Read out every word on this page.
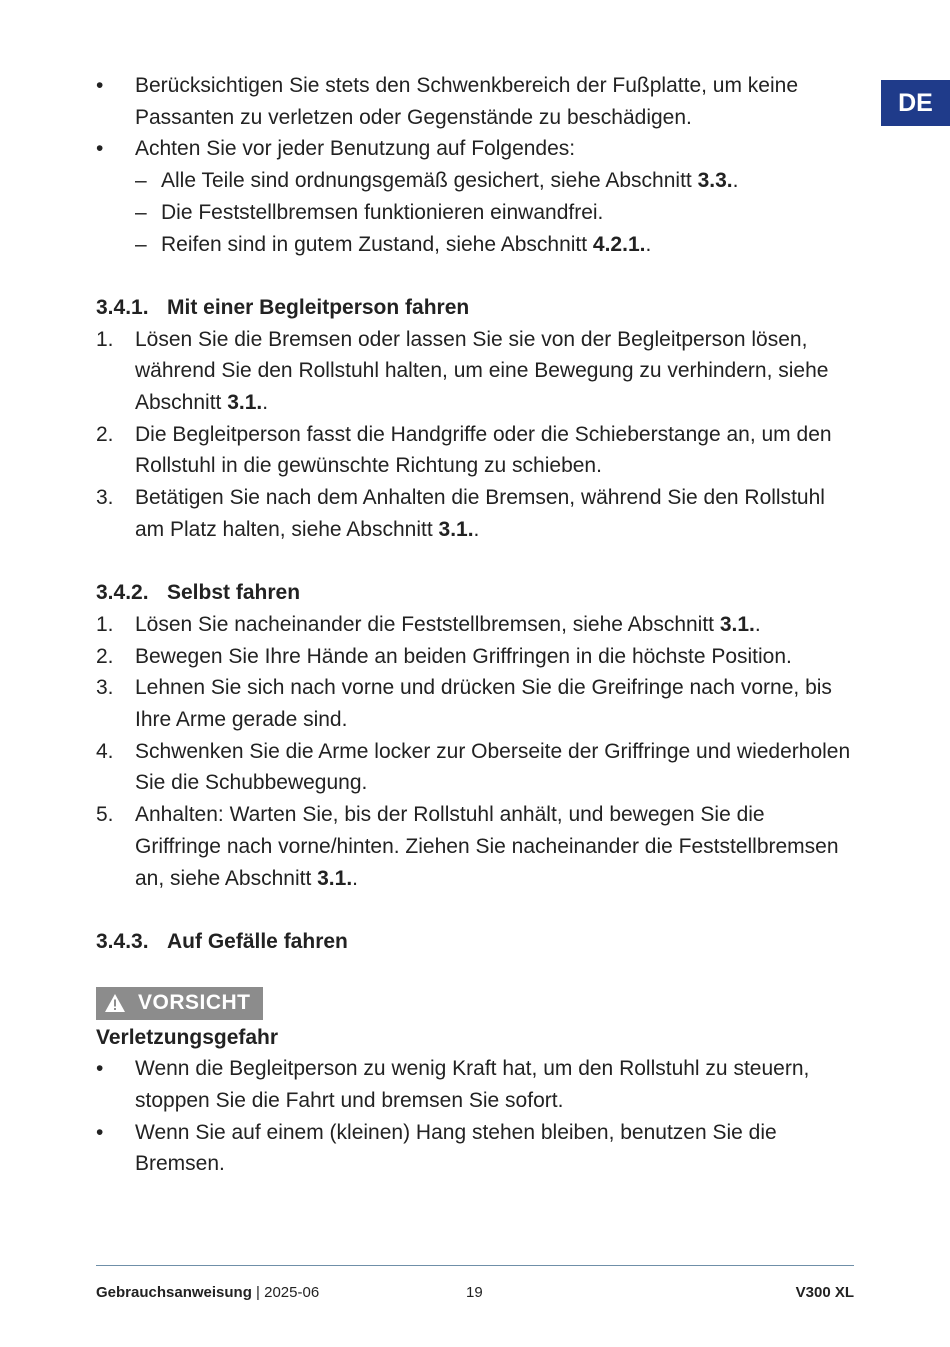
DE
•	Berücksichtigen Sie stets den Schwenkbereich der Fußplatte, um keine Passanten zu verletzen oder Gegenstände zu beschädigen.
•	Achten Sie vor jeder Benutzung auf Folgendes:
– Alle Teile sind ordnungsgemäß gesichert, siehe Abschnitt 3.3..
– Die Feststellbremsen funktionieren einwandfrei.
– Reifen sind in gutem Zustand, siehe Abschnitt 4.2.1..
3.4.1. Mit einer Begleitperson fahren
1.	Lösen Sie die Bremsen oder lassen Sie sie von der Begleitperson lösen, während Sie den Rollstuhl halten, um eine Bewegung zu verhindern, siehe Abschnitt 3.1..
2.	Die Begleitperson fasst die Handgriffe oder die Schieberstange an, um den Rollstuhl in die gewünschte Richtung zu schieben.
3.	Betätigen Sie nach dem Anhalten die Bremsen, während Sie den Rollstuhl am Platz halten, siehe Abschnitt 3.1..
3.4.2. Selbst fahren
1.	Lösen Sie nacheinander die Feststellbremsen, siehe Abschnitt 3.1..
2.	Bewegen Sie Ihre Hände an beiden Griffringen in die höchste Position.
3.	Lehnen Sie sich nach vorne und drücken Sie die Greifringe nach vorne, bis Ihre Arme gerade sind.
4.	Schwenken Sie die Arme locker zur Oberseite der Griffringe und wiederholen Sie die Schubbewegung.
5.	Anhalten: Warten Sie, bis der Rollstuhl anhält, und bewegen Sie die Griffringe nach vorne/hinten. Ziehen Sie nacheinander die Feststellbremsen an, siehe Abschnitt 3.1..
3.4.3. Auf Gefälle fahren
VORSICHT
Verletzungsgefahr
•	Wenn die Begleitperson zu wenig Kraft hat, um den Rollstuhl zu steuern, stoppen Sie die Fahrt und bremsen Sie sofort.
•	Wenn Sie auf einem (kleinen) Hang stehen bleiben, benutzen Sie die Bremsen.
Gebrauchsanweisung | 2025-06	19	V300 XL
